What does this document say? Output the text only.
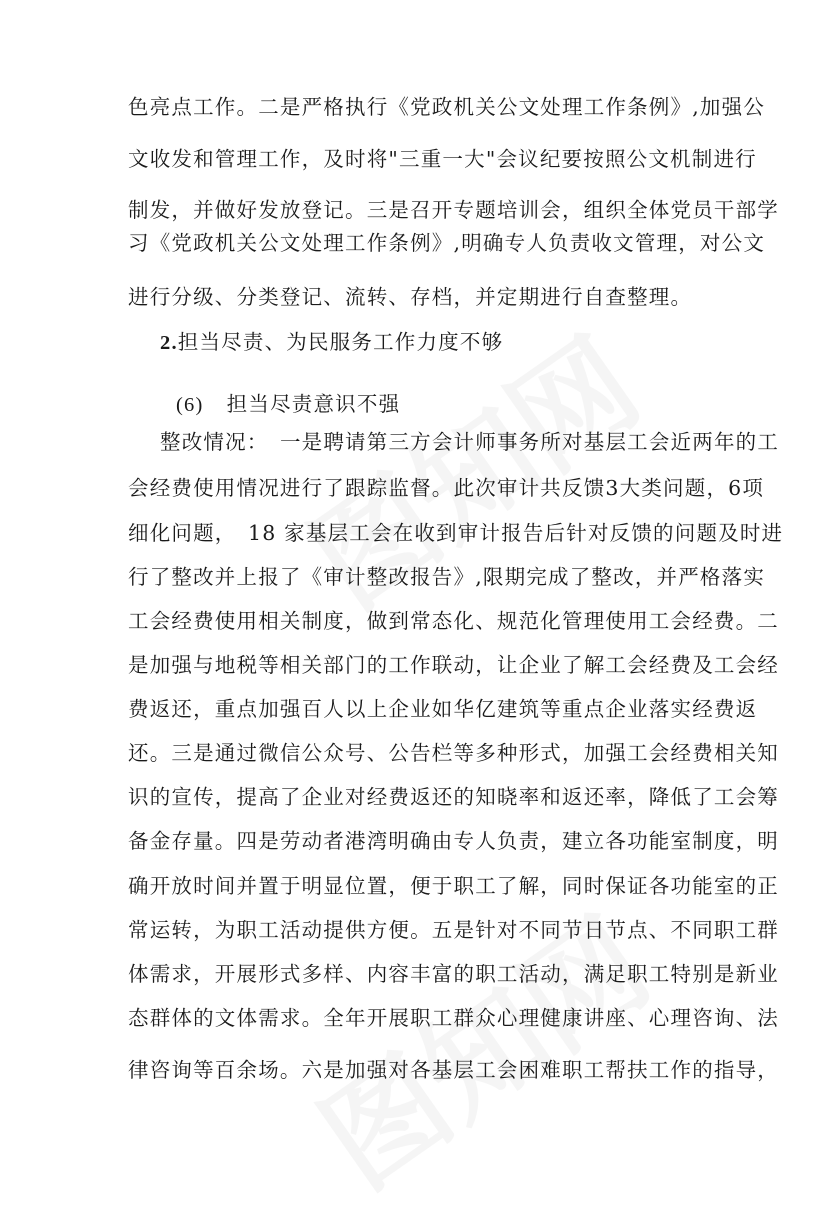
色亮点工作。二是严格执行《党政机关公文处理工作条例》,加强公
文收发和管理工作，及时将"三重一大"会议纪要按照公文机制进行
制发，并做好发放登记。三是召开专题培训会，组织全体党员干部学
习《党政机关公文处理工作条例》,明确专人负责收文管理，对公文
进行分级、分类登记、流转、存档，并定期进行自查整理。
2.担当尽责、为民服务工作力度不够
(6) 担当尽责意识不强
整改情况：　一是聘请第三方会计师事务所对基层工会近两年的工
会经费使用情况进行了跟踪监督。此次审计共反馈3大类问题，6项
细化问题，　18 家基层工会在收到审计报告后针对反馈的问题及时进
行了整改并上报了《审计整改报告》,限期完成了整改，并严格落实
工会经费使用相关制度，做到常态化、规范化管理使用工会经费。二
是加强与地税等相关部门的工作联动，让企业了解工会经费及工会经
费返还，重点加强百人以上企业如华亿建筑等重点企业落实经费返
还。三是通过微信公众号、公告栏等多种形式，加强工会经费相关知
识的宣传，提高了企业对经费返还的知晓率和返还率，降低了工会筹
备金存量。四是劳动者港湾明确由专人负责，建立各功能室制度，明
确开放时间并置于明显位置，便于职工了解，同时保证各功能室的正
常运转，为职工活动提供方便。五是针对不同节日节点、不同职工群
体需求，开展形式多样、内容丰富的职工活动，满足职工特别是新业
态群体的文体需求。全年开展职工群众心理健康讲座、心理咨询、法
律咨询等百余场。六是加强对各基层工会困难职工帮扶工作的指导，
